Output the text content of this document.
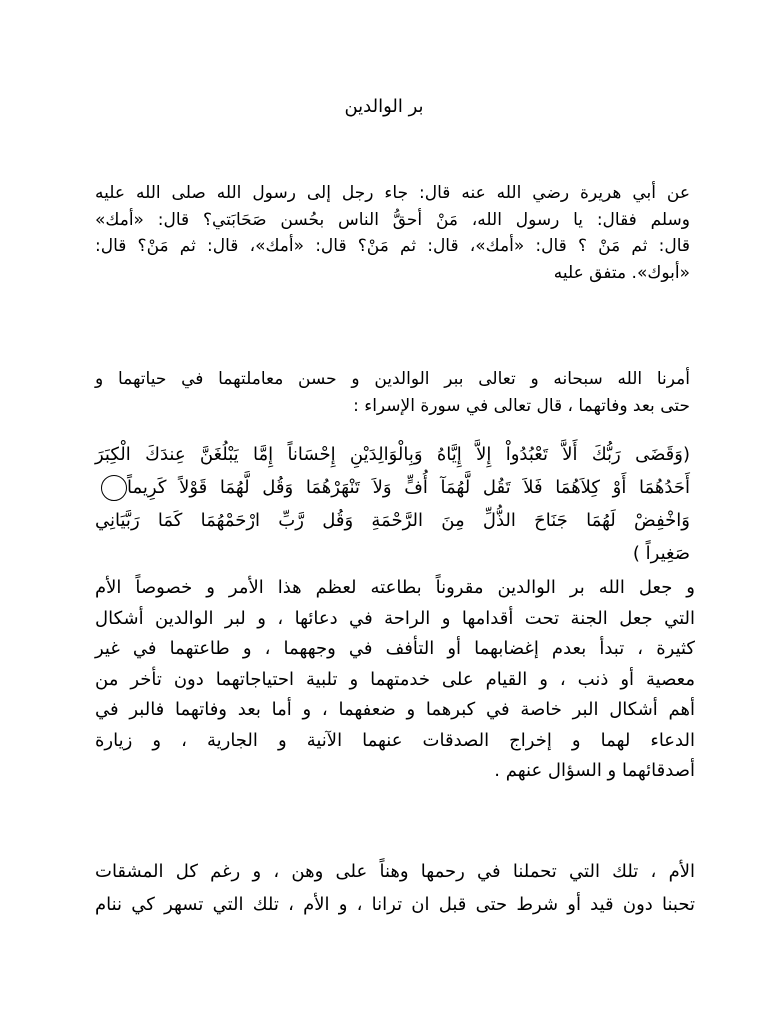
بر الوالدين
عن أبي هريرة رضي الله عنه قال: جاء رجل إلى رسول الله صلى الله عليه
وسلم فقال: يا رسول الله، مَنْ أحقُّ الناس بحُسن صَحَابَتي؟ قال: «أمك»
قال: ثم مَنْ ؟ قال: «أمك»، قال: ثم مَنْ؟ قال: «أمك»، قال: ثم مَنْ؟ قال:
«أبوك». متفق عليه
أمرنا الله سبحانه و تعالى ببر الوالدين و حسن معاملتهما في حياتهما و
حتى بعد وفاتهما ، قال تعالى في سورة الإسراء :
(وَقَضَى رَبُّكَ أَلاَّ تَعْبُدُواْ إِلاَّ إِيَّاهُ وَبِالْوَالِدَيْنِ إِحْسَاناً إِمَّا يَبْلُغَنَّ عِندَكَ الْكِبَرَ
أَحَدُهُمَا أَوْ كِلاَهُمَا فَلاَ تَقُل لَّهُمَآ أُفٍّ وَلاَ تَنْهَرْهُمَا وَقُل لَّهُمَا قَوْلاً كَرِيماً
وَاخْفِضْ لَهُمَا جَنَاحَ الذُّلِّ مِنَ الرَّحْمَةِ وَقُل رَّبِّ ارْحَمْهُمَا كَمَا رَبَّيَانِي
صَغِيراً )
و جعل الله بر الوالدين مقروناً بطاعته لعظم هذا الأمر و خصوصاً الأم
التي جعل الجنة تحت أقدامها و الراحة في دعائها ، و لبر الوالدين أشكال
كثيرة ، تبدأ بعدم إغضابهما أو التأفف في وجههما ، و طاعتهما في غير
معصية أو ذنب ، و القيام على خدمتهما و تلبية احتياجاتهما دون تأخر من
أهم أشكال البر خاصة في كبرهما و ضعفهما ، و أما بعد وفاتهما فالبر في
الدعاء لهما و إخراج الصدقات عنهما الآنية و الجارية ، و زيارة
أصدقائهما و السؤال عنهم .
الأم ، تلك التي تحملنا في رحمها وهناً على وهن ، و رغم كل المشقات
تحبنا دون قيد أو شرط حتى قبل ان ترانا ، و الأم ، تلك التي تسهر كي ننام
